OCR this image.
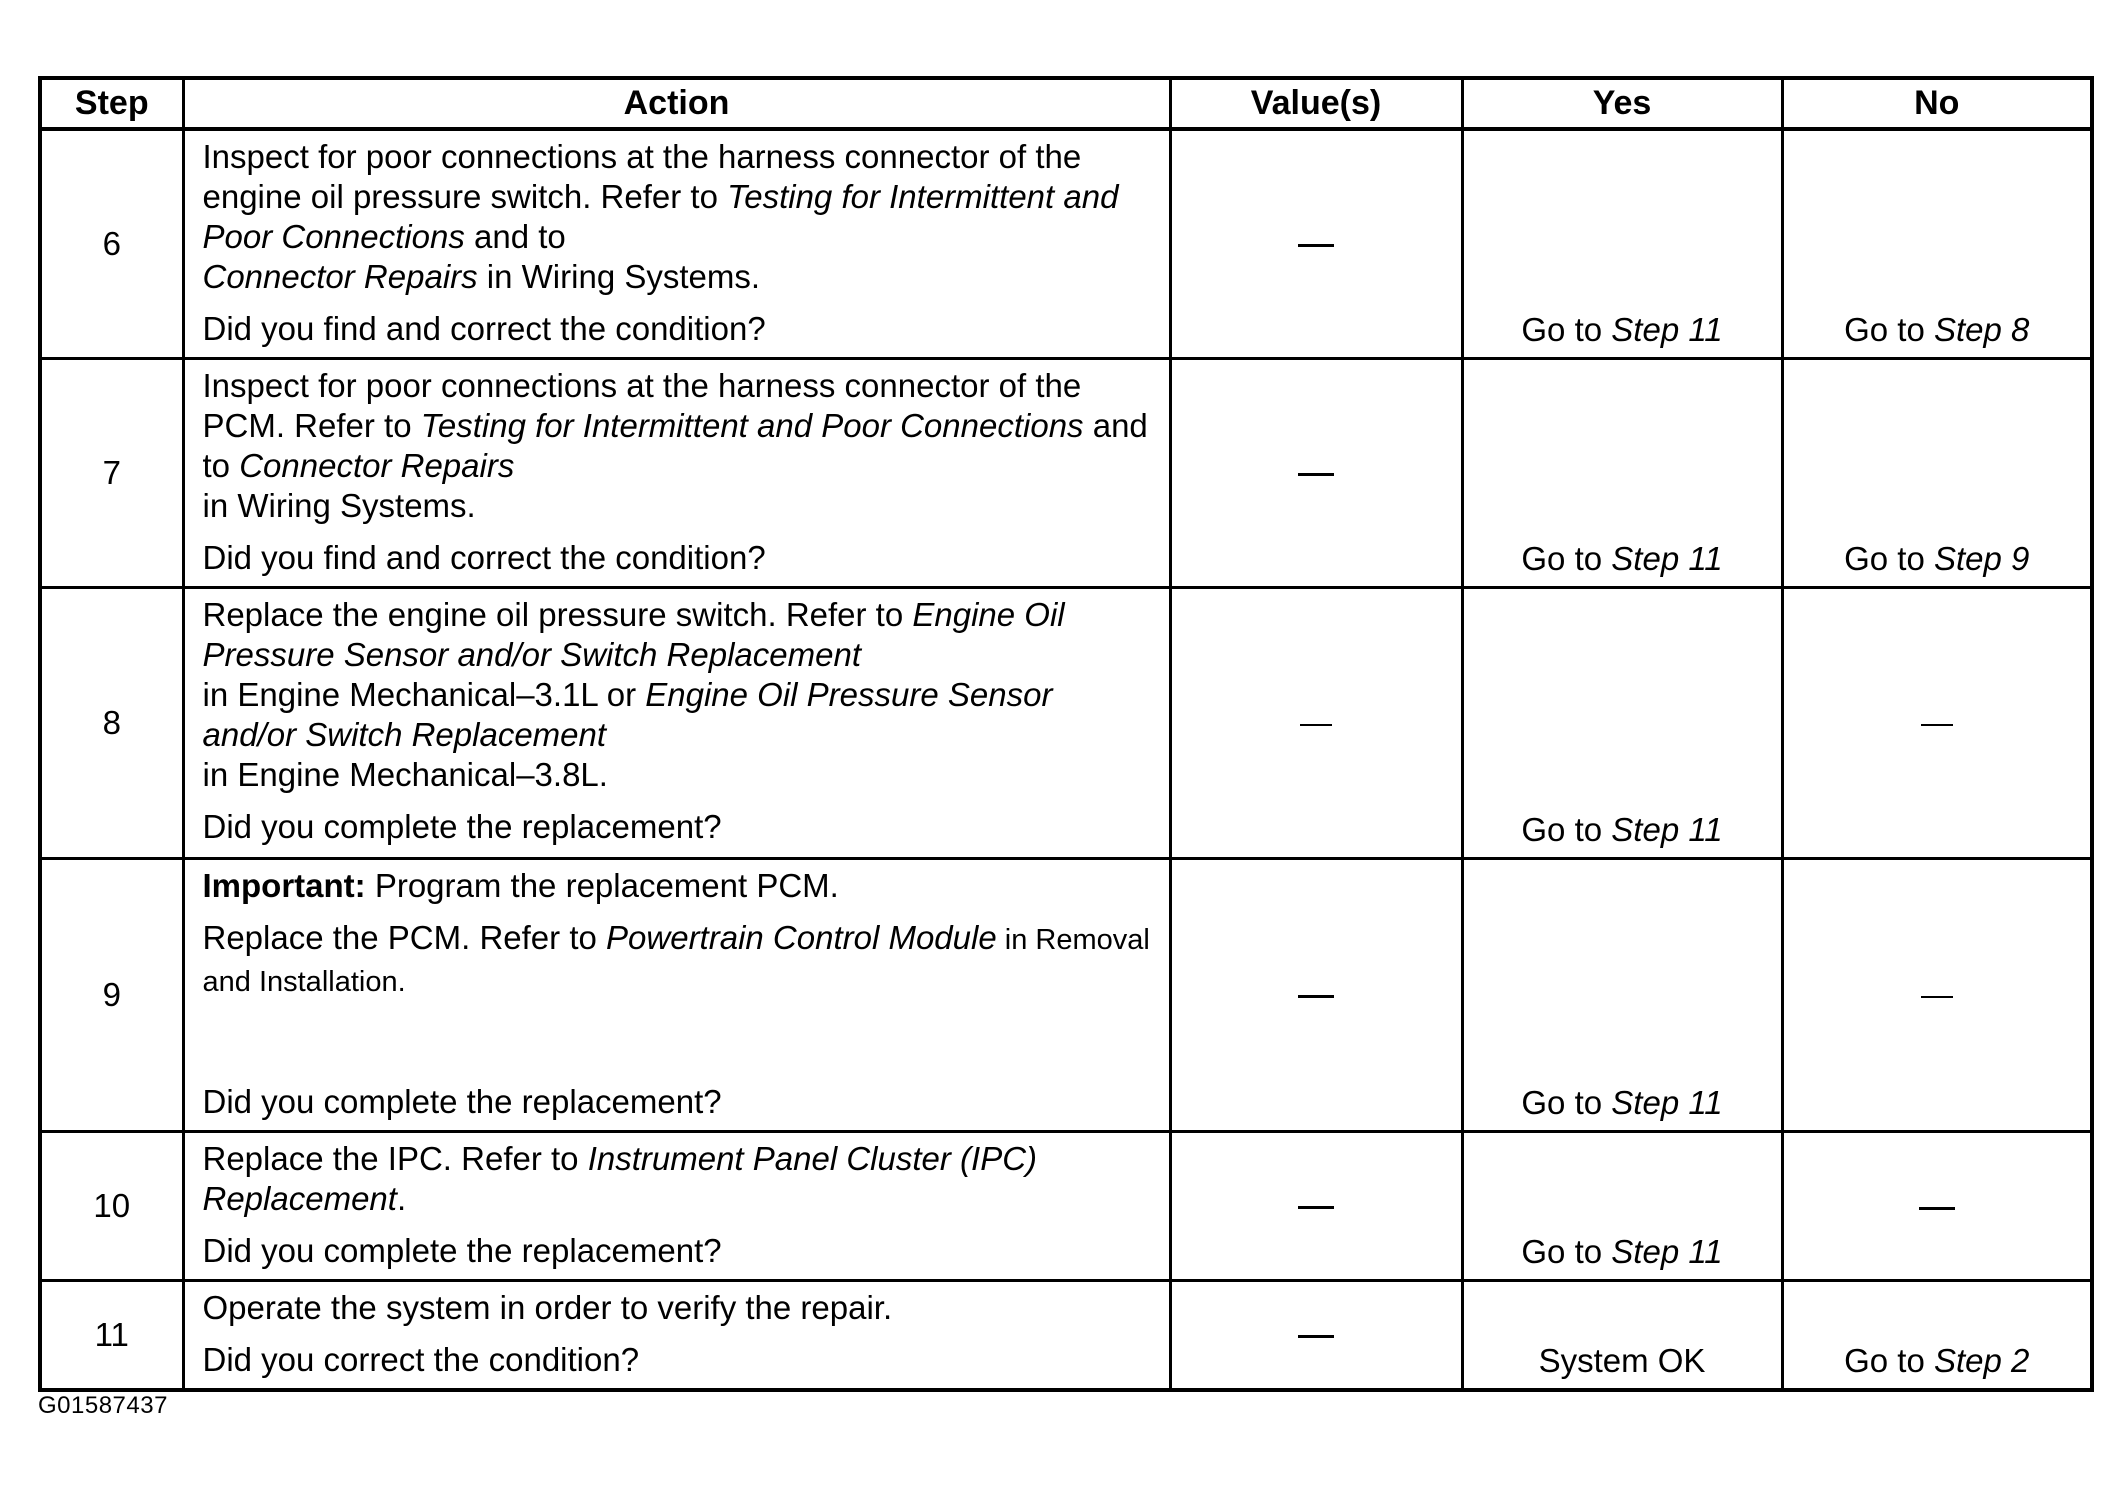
Step	Action	Value(s)	Yes	No
6	Inspect for poor connections at the harness connector of the engine oil pressure switch. Refer to Testing for Intermittent and Poor Connections and to
Connector Repairs in Wiring Systems.
Did you find and correct the condition?		Go to Step 11	Go to Step 8
7	Inspect for poor connections at the harness connector of the PCM. Refer to Testing for Intermittent and Poor Connections and to Connector Repairs
in Wiring Systems.
Did you find and correct the condition?		Go to Step 11	Go to Step 9
8	Replace the engine oil pressure switch. Refer to Engine Oil Pressure Sensor and/or Switch Replacement
in Engine Mechanical–3.1L or Engine Oil Pressure Sensor and/or Switch Replacement
in Engine Mechanical–3.8L.
Did you complete the replacement?		Go to Step 11	
9	Important: Program the replacement PCM.
Replace the PCM. Refer to Powertrain Control Module in Removal and Installation.
Did you complete the replacement?		Go to Step 11	
10	Replace the IPC. Refer to Instrument Panel Cluster (IPC) Replacement.
Did you complete the replacement?		Go to Step 11	
11	Operate the system in order to verify the repair.
Did you correct the condition?		System OK	Go to Step 2
G01587437
